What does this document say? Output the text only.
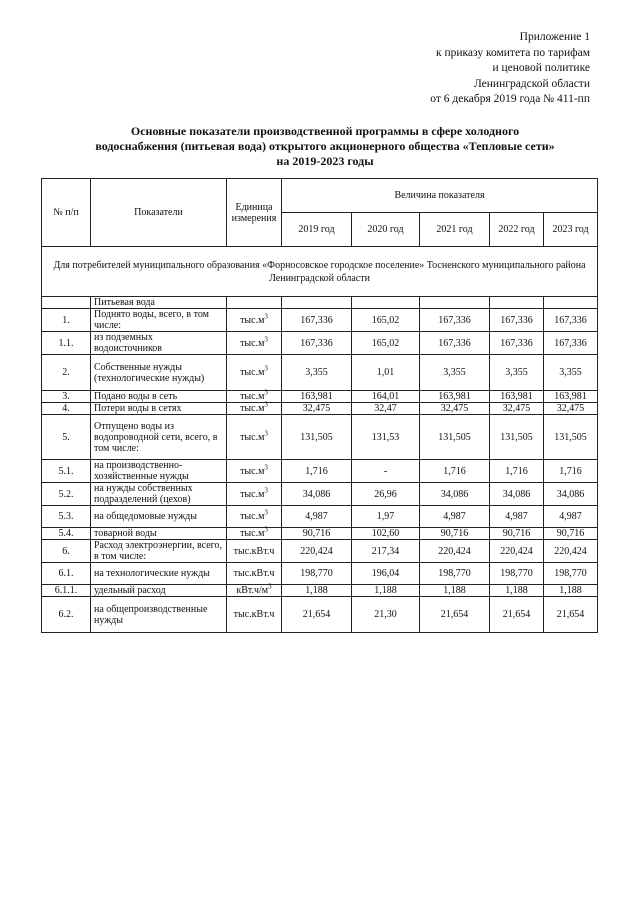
Приложение 1
к приказу комитета по тарифам
и ценовой политике
Ленинградской области
от 6 декабря 2019 года № 411-пп
Основные показатели производственной программы в сфере холодного
водоснабжения (питьевая вода) открытого акционерного общества «Тепловые сети»
на 2019-2023 годы
№ п/п	Показатели	Единица измерения	Величина показателя				
			2019 год	2020 год	2021 год	2022 год	2023 год
Для потребителей муниципального образования «Форносовское городское поселение» Тосненского муниципального района Ленинградской области							
	Питьевая вода						
1.	Поднято воды, всего, в том числе:	$тыс.м^3$	167,336	165,02	167,336	167,336	167,336
1.1.	из подземных водоисточников	$тыс.м^3$	167,336	165,02	167,336	167,336	167,336
2.	Собственные нужды (технологические нужды)	$тыс.м^3$	3,355	1,01	3,355	3,355	3,355
3.	Подано воды в сеть	$тыс.м^3$	163,981	164,01	163,981	163,981	163,981
4.	Потери воды в сетях	$тыс.м^3$	32,475	32,47	32,475	32,475	32,475
5.	Отпущено воды из водопроводной сети, всего, в том числе:	$тыс.м^3$	131,505	131,53	131,505	131,505	131,505
5.1.	на производственно-хозяйственные нужды	$тыс.м^3$	1,716	-	1,716	1,716	1,716
5.2.	на нужды собственных подразделений (цехов)	$тыс.м^3$	34,086	26,96	34,086	34,086	34,086
5.3.	на общедомовые нужды	$тыс.м^3$	4,987	1,97	4,987	4,987	4,987
5.4.	товарной воды	$тыс.м^3$	90,716	102,60	90,716	90,716	90,716
6.	Расход электроэнергии, всего, в том числе:	тыс.кВт.ч	220,424	217,34	220,424	220,424	220,424
6.1.	на технологические нужды	тыс.кВт.ч	198,770	196,04	198,770	198,770	198,770
6.1.1.	удельный расход	$кВт.ч/м^3$	1,188	1,188	1,188	1,188	1,188
6.2.	на общепроизводственные нужды	тыс.кВт.ч	21,654	21,30	21,654	21,654	21,654
